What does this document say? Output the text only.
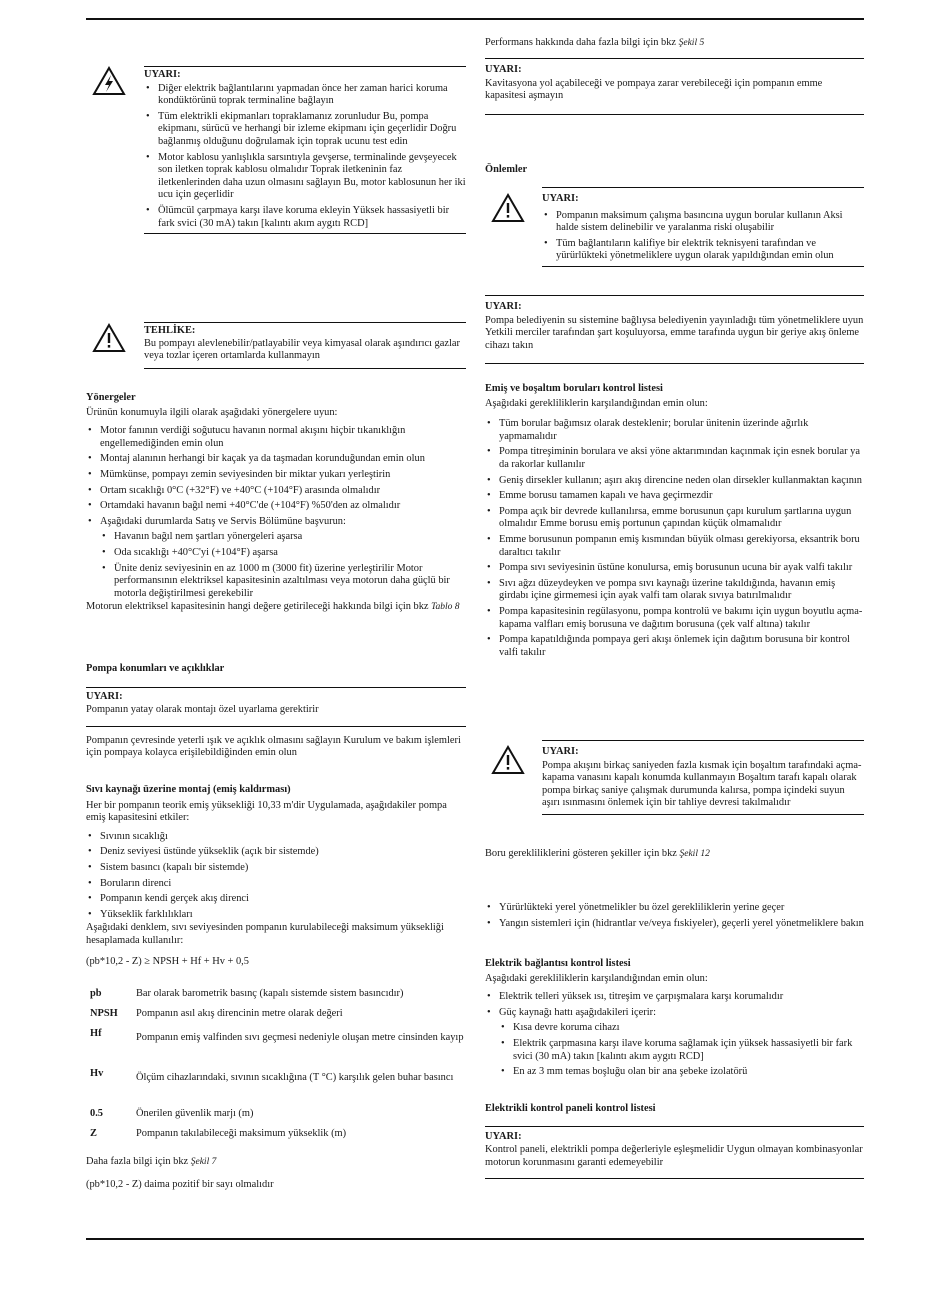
UYARI:

• Diğer elektrik bağlantılarını yapmadan önce her zaman harici koruma kondüktörünü toprak terminaline bağlayın
• Tüm elektrikli ekipmanları topraklamanız zorunludur Bu, pompa ekipmanı, sürücü ve herhangi bir izleme ekipmanı için geçerlidir Doğru bağlanmış olduğunu doğrulamak için toprak ucunu test edin
• Motor kablosu yanlışlıkla sarsıntıyla gevşerse, terminalinde gevşeyecek son iletken toprak kablosu olmalıdır Toprak iletkeninin faz iletkenlerinden daha uzun olmasını sağlayın Bu, motor kablosunun her iki ucu için geçerlidir
• Ölümcül çarpmaya karşı ilave koruma ekleyin Yüksek hassasiyetli bir fark svici (30 mA) takın [kalıntı akım aygıtı RCD]

TEHLİKE:

Bu pompayı alevlenebilir/patlayabilir veya kimyasal olarak aşındırıcı gazlar veya tozlar içeren ortamlarda kullanmayın

Yönergeler

Ürünün konumuyla ilgili olarak aşağıdaki yönergelere uyun:

• Motor fanının verdiği soğutucu havanın normal akışını hiçbir tıkanıklığın engellemediğinden emin olun
• Montaj alanının herhangi bir kaçak ya da taşmadan korunduğundan emin olun
• Mümkünse, pompayı zemin seviyesinden bir miktar yukarı yerleştirin
• Ortam sıcaklığı 0°C (+32°F) ve +40°C (+104°F) arasında olmalıdır
• Ortamdaki havanın bağıl nemi +40°C'de (+104°F) %50'den az olmalıdır
• Aşağıdaki durumlarda Satış ve Servis Bölümüne başvurun:
• Havanın bağıl nem şartları yönergeleri aşarsa
• Oda sıcaklığı +40°C'yi (+104°F) aşarsa
• Ünite deniz seviyesinin en az 1000 m (3000 fit) üzerine yerleştirilir Motor performansının elektriksel kapasitesinin azaltılması veya motorun daha güçlü bir motorla değiştirilmesi gerekebilir

Motorun elektriksel kapasitesinin hangi değere getirileceği hakkında bilgi için bkz Tablo 8

Pompa konumları ve açıklıklar

UYARI:

Pompanın yatay olarak montajı özel uyarlama gerektirir

Pompanın çevresinde yeterli ışık ve açıklık olmasını sağlayın Kurulum ve bakım işlemleri için pompaya kolayca erişilebildiğinden emin olun

Sıvı kaynağı üzerine montaj (emiş kaldırması)

Her bir pompanın teorik emiş yüksekliği 10,33 m'dir Uygulamada, aşağıdakiler pompa emiş kapasitesini etkiler:

• Sıvının sıcaklığı
• Deniz seviyesi üstünde yükseklik (açık bir sistemde)
• Sistem basıncı (kapalı bir sistemde)
• Boruların direnci
• Pompanın kendi gerçek akış direnci
• Yükseklik farklılıkları

Aşağıdaki denklem, sıvı seviyesinden pompanın kurulabileceği maksimum yüksekliği hesaplamada kullanılır:

(pb*10,2 - Z) ≥ NPSH + Hf + Hv + 0,5

pb	Bar olarak barometrik basınç (kapalı sistemde sistem basıncıdır)
NPSH	Pompanın asıl akış direncinin metre olarak değeri
Hf	Pompanın emiş valfinden sıvı geçmesi nedeniyle oluşan metre cinsinden kayıp
Hv	Ölçüm cihazlarındaki, sıvının sıcaklığına (T °C) karşılık gelen buhar basıncı
0.5	Önerilen güvenlik marjı (m)
Z	Pompanın takılabileceği maksimum yükseklik (m)

Daha fazla bilgi için bkz Şekil 7

(pb*10,2 - Z) daima pozitif bir sayı olmalıdır

Performans hakkında daha fazla bilgi için bkz Şekil 5

UYARI:

Kavitasyona yol açabileceği ve pompaya zarar verebileceği için pompanın emme kapasitesi aşmayın

Önlemler

UYARI:

• Pompanın maksimum çalışma basıncına uygun borular kullanın Aksi halde sistem delinebilir ve yaralanma riski oluşabilir
• Tüm bağlantıların kalifiye bir elektrik teknisyeni tarafından ve yürürlükteki yönetmeliklere uygun olarak yapıldığından emin olun

UYARI:

Pompa belediyenin su sistemine bağlıysa belediyenin yayınladığı tüm yönetmeliklere uyun Yetkili merciler tarafından şart koşuluyorsa, emme tarafında uygun bir geriye akış önleme cihazı takın

Emiş ve boşaltım boruları kontrol listesi

Aşağıdaki gerekliliklerin karşılandığından emin olun:

• Tüm borular bağımsız olarak desteklenir; borular ünitenin üzerinde ağırlık yapmamalıdır
• Pompa titreşiminin borulara ve aksi yöne aktarımından kaçınmak için esnek borular ya da rakorlar kullanılır
• Geniş dirsekler kullanın; aşırı akış direncine neden olan dirsekler kullanmaktan kaçının
• Emme borusu tamamen kapalı ve hava geçirmezdir
• Pompa açık bir devrede kullanılırsa, emme borusunun çapı kurulum şartlarına uygun olmalıdır Emme borusu emiş portunun çapından küçük olmamalıdır
• Emme borusunun pompanın emiş kısmından büyük olması gerekiyorsa, eksantrik boru daraltıcı takılır
• Pompa sıvı seviyesinin üstüne konulursa, emiş borusunun ucuna bir ayak valfi takılır
• Sıvı ağzı düzeydeyken ve pompa sıvı kaynağı üzerine takıldığında, havanın emiş girdabı içine girmemesi için ayak valfi tam olarak sıvıya batırılmalıdır
• Pompa kapasitesinin regülasyonu, pompa kontrolü ve bakımı için uygun boyutlu açma-kapama valfları emiş borusuna ve dağıtım borusuna (çek valf altına) takılır
• Pompa kapatıldığında pompaya geri akışı önlemek için dağıtım borusuna bir kontrol valfi takılır

UYARI:

Pompa akışını birkaç saniyeden fazla kısmak için boşaltım tarafındaki açma-kapama vanasını kapalı konumda kullanmayın Boşaltım tarafı kapalı olarak pompa birkaç saniye çalışmak durumunda kalırsa, pompa içindeki suyun aşırı ısınmasını önlemek için bir tahliye devresi takılmalıdır

Boru gerekliliklerini gösteren şekiller için bkz Şekil 12

• Yürürlükteki yerel yönetmelikler bu özel gerekliliklerin yerine geçer
• Yangın sistemleri için (hidrantlar ve/veya fıskiyeler), geçerli yerel yönetmeliklere bakın

Elektrik bağlantısı kontrol listesi

Aşağıdaki gerekliliklerin karşılandığından emin olun:

• Elektrik telleri yüksek ısı, titreşim ve çarpışmalara karşı korumalıdır
• Güç kaynağı hattı aşağıdakileri içerir:
• Kısa devre koruma cihazı
• Elektrik çarpmasına karşı ilave koruma sağlamak için yüksek hassasiyetli bir fark svici (30 mA) takın [kalıntı akım aygıtı RCD]
• En az 3 mm temas boşluğu olan bir ana şebeke izolatörü

Elektrikli kontrol paneli kontrol listesi

UYARI:

Kontrol paneli, elektrikli pompa değerleriyle eşleşmelidir Uygun olmayan kombinasyonlar motorun korunmasını garanti edemeyebilir
